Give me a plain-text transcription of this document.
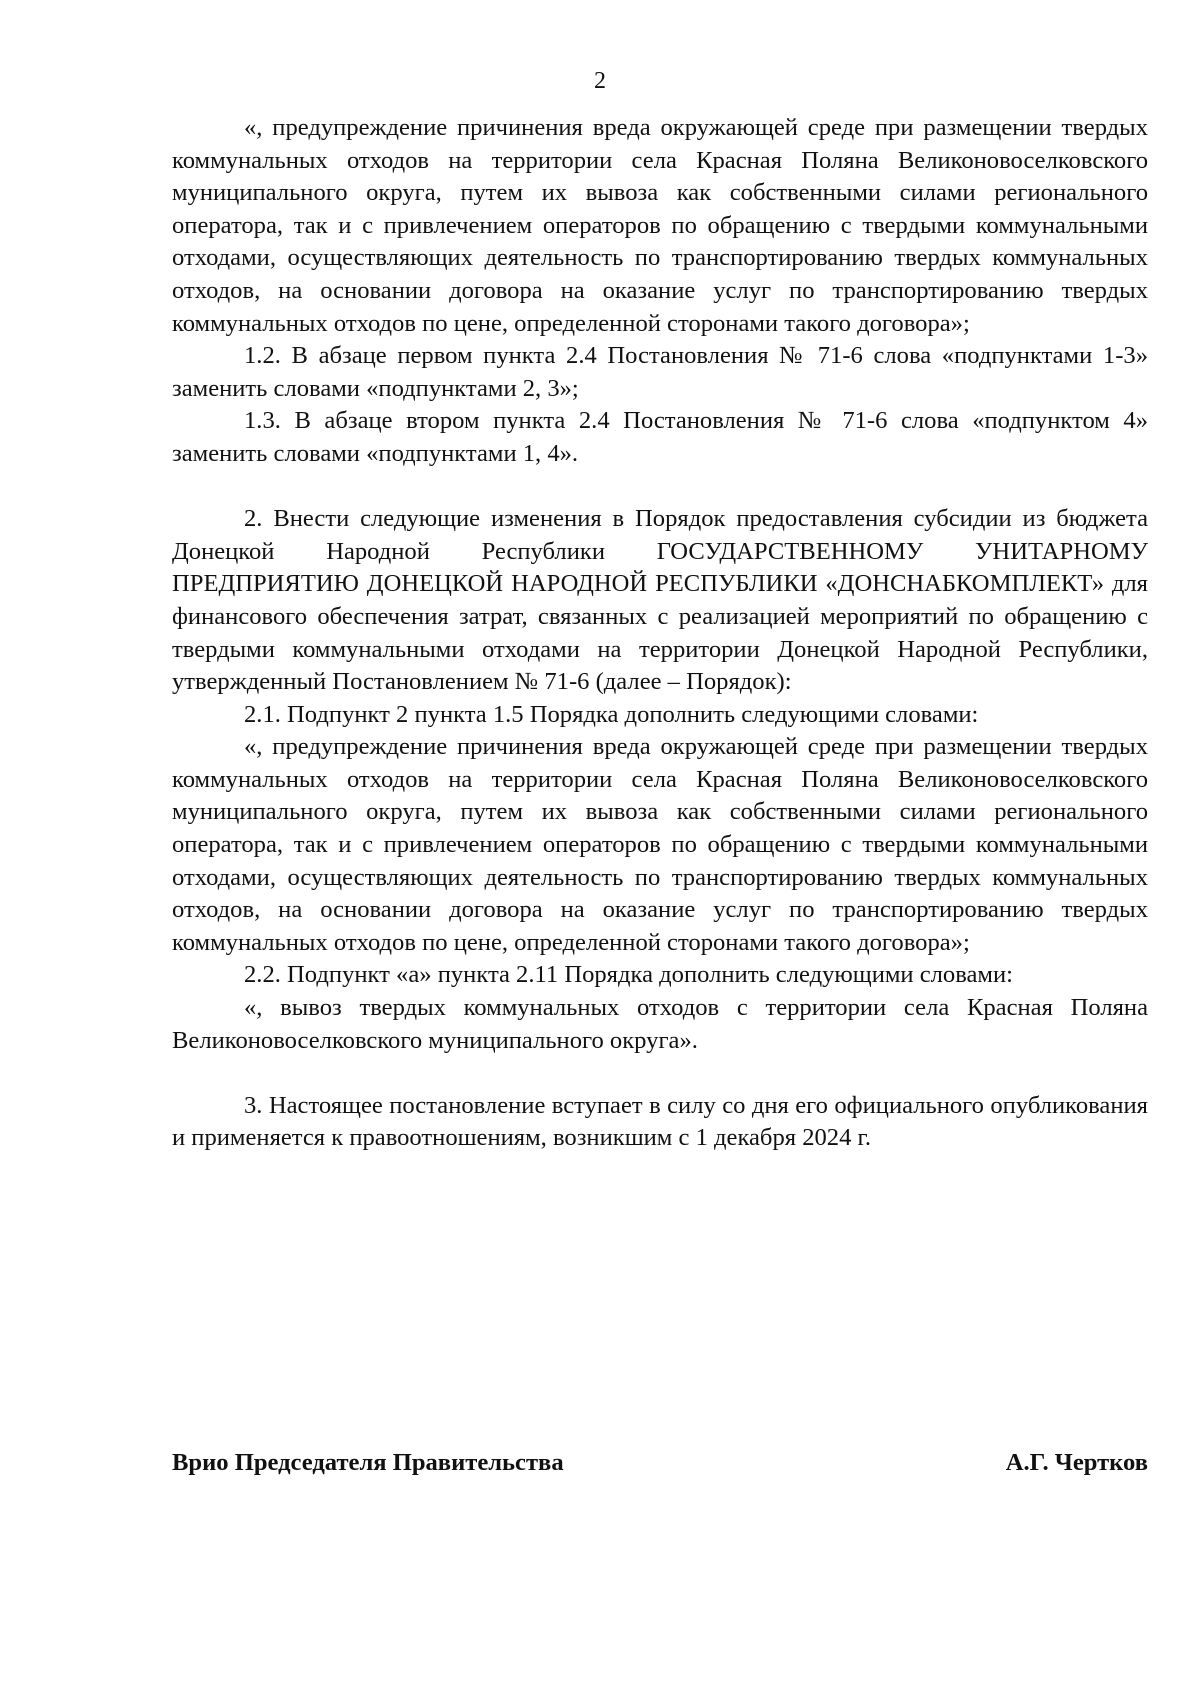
2

«, предупреждение причинения вреда окружающей среде при размещении твердых коммунальных отходов на территории села Красная Поляна Великоновоселковского муниципального округа, путем их вывоза как собственными силами регионального оператора, так и с привлечением операторов по обращению с твердыми коммунальными отходами, осуществляющих деятельность по транспортированию твердых коммунальных отходов, на основании договора на оказание услуг по транспортированию твердых коммунальных отходов по цене, определенной сторонами такого договора»;

1.2. В абзаце первом пункта 2.4 Постановления № 71-6 слова «подпунктами 1-3» заменить словами «подпунктами 2, 3»;

1.3. В абзаце втором пункта 2.4 Постановления № 71-6 слова «подпунктом 4» заменить словами «подпунктами 1, 4».

2. Внести следующие изменения в Порядок предоставления субсидии из бюджета Донецкой Народной Республики ГОСУДАРСТВЕННОМУ УНИТАРНОМУ ПРЕДПРИЯТИЮ ДОНЕЦКОЙ НАРОДНОЙ РЕСПУБЛИКИ «ДОНСНАБКОМПЛЕКТ» для финансового обеспечения затрат, связанных с реализацией мероприятий по обращению с твердыми коммунальными отходами на территории Донецкой Народной Республики, утвержденный Постановлением № 71-6 (далее – Порядок):

2.1. Подпункт 2 пункта 1.5 Порядка дополнить следующими словами:

«, предупреждение причинения вреда окружающей среде при размещении твердых коммунальных отходов на территории села Красная Поляна Великоновоселковского муниципального округа, путем их вывоза как собственными силами регионального оператора, так и с привлечением операторов по обращению с твердыми коммунальными отходами, осуществляющих деятельность по транспортированию твердых коммунальных отходов, на основании договора на оказание услуг по транспортированию твердых коммунальных отходов по цене, определенной сторонами такого договора»;

2.2. Подпункт «а» пункта 2.11 Порядка дополнить следующими словами:

«, вывоз твердых коммунальных отходов с территории села Красная Поляна Великоновоселковского муниципального округа».

3. Настоящее постановление вступает в силу со дня его официального опубликования и применяется к правоотношениям, возникшим с 1 декабря 2024 г.

Врио Председателя Правительства	А.Г. Чертков
